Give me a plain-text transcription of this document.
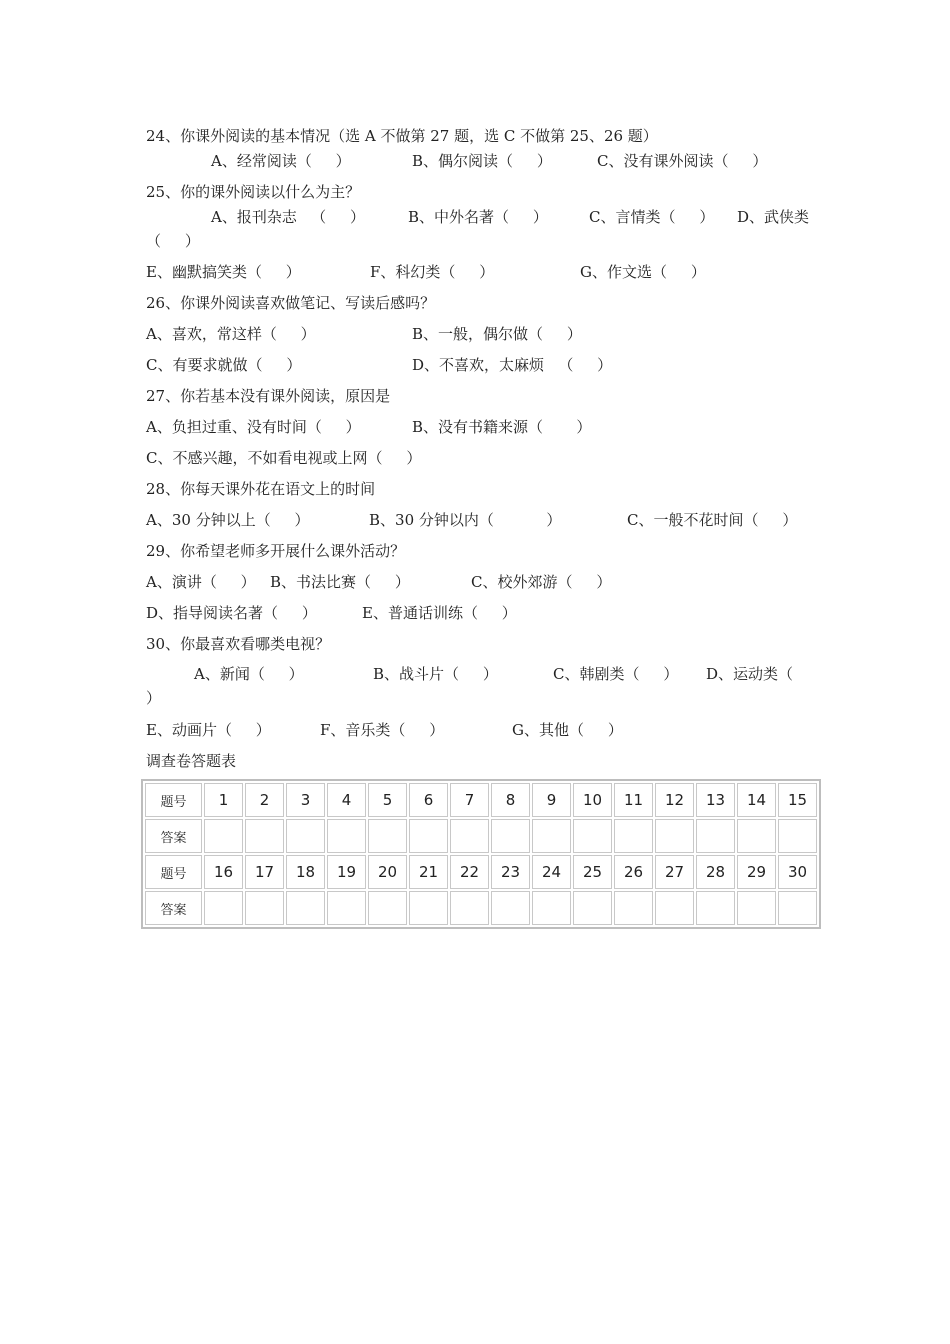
24、你课外阅读的基本情况（选 A 不做第 27 题，选 C 不做第 25、26 题）
A、经常阅读（     ）	B、偶尔阅读（     ）	C、没有课外阅读（     ）
25、你的课外阅读以什么为主？
A、报刊杂志   （     ）	B、中外名著（     ）	C、言情类（     ） D、武侠类
（     ）
E、幽默搞笑类（     ）	F、科幻类（     ）	G、作文选（     ）
26、你课外阅读喜欢做笔记、写读后感吗？
A、喜欢，常这样（     ）	B、一般，偶尔做（     ）
C、有要求就做（     ）	D、不喜欢，太麻烦   （     ）
27、你若基本没有课外阅读，原因是
A、负担过重、没有时间（     ）	B、没有书籍来源（       ）
C、不感兴趣，不如看电视或上网（     ）
28、你每天课外花在语文上的时间
A、30 分钟以上（     ）	B、30 分钟以内（           ）	C、一般不花时间（     ）
29、你希望老师多开展什么课外活动？
A、演讲（     ） B、书法比赛（     ）	C、校外郊游（     ）
D、指导阅读名著（     ）	E、普通话训练（     ）
30、你最喜欢看哪类电视？
A、新闻（     ）	B、战斗片（     ）	C、韩剧类（     ） D、运动类（
）
E、动画片（     ）	F、音乐类（     ）	G、其他（     ）
调查卷答题表
题号	1	2	3	4	5	6	7	8	9	10	11	12	13	14	15
答案															
题号	16	17	18	19	20	21	22	23	24	25	26	27	28	29	30
答案															
